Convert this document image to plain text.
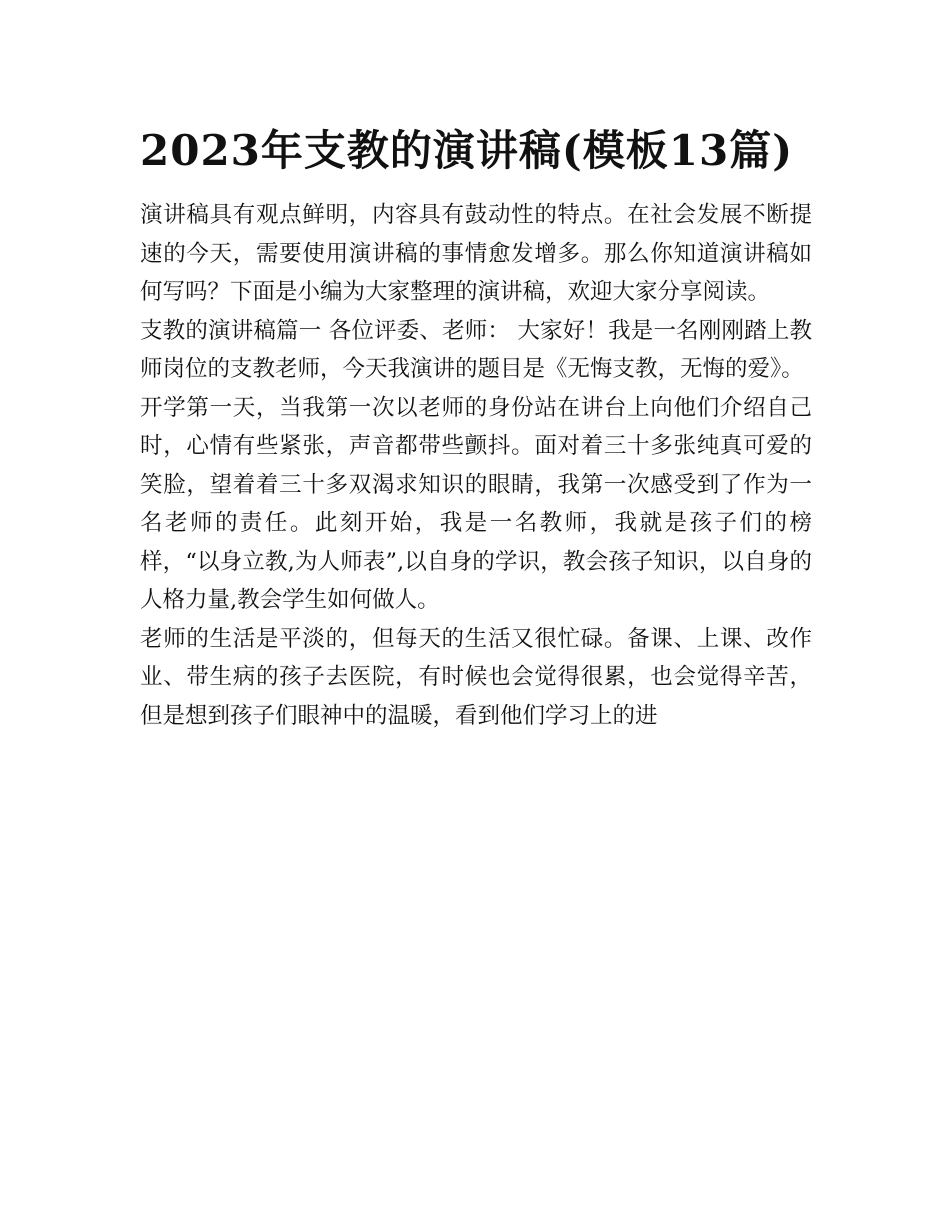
2023年支教的演讲稿(模板13篇)

演讲稿具有观点鲜明，内容具有鼓动性的特点。在社会发展不断提速的今天，需要使用演讲稿的事情愈发增多。那么你知道演讲稿如何写吗？下面是小编为大家整理的演讲稿，欢迎大家分享阅读。

支教的演讲稿篇一 各位评委、老师： 大家好！我是一名刚刚踏上教师岗位的支教老师，今天我演讲的题目是《无悔支教，无悔的爱》。

开学第一天，当我第一次以老师的身份站在讲台上向他们介绍自己时，心情有些紧张，声音都带些颤抖。面对着三十多张纯真可爱的笑脸，望着着三十多双渴求知识的眼睛，我第一次感受到了作为一名老师的责任。此刻开始，我是一名教师，我就是孩子们的榜样，“以身立教,为人师表”,以自身的学识，教会孩子知识，以自身的人格力量,教会学生如何做人。

老师的生活是平淡的，但每天的生活又很忙碌。备课、上课、改作业、带生病的孩子去医院，有时候也会觉得很累，也会觉得辛苦，但是想到孩子们眼神中的温暖，看到他们学习上的进
